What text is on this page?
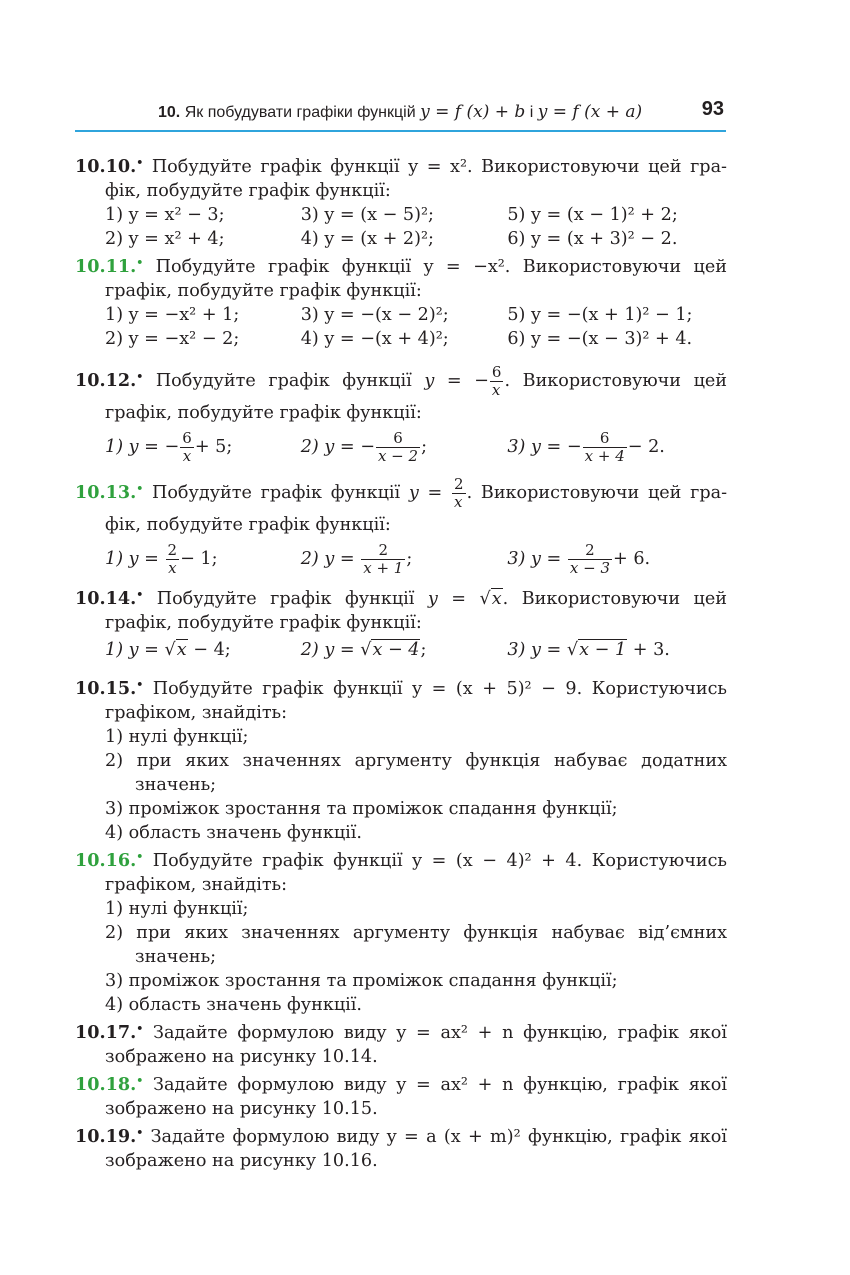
10. Як побудувати графіки функцій y = f (x) + b і y = f (x + a)	93
10.10.• Побудуйте графік функції y = x². Використовуючи цей гра-
фік, побудуйте графік функції:
1) y = x² − 3;	3) y = (x − 5)²;	5) y = (x − 1)² + 2;
2) y = x² + 4;	4) y = (x + 2)²;	6) y = (x + 3)² − 2.
10.11.• Побудуйте графік функції y = −x². Використовуючи цей
графік, побудуйте графік функції:
1) y = −x² + 1;	3) y = −(x − 2)²;	5) y = −(x + 1)² − 1;
2) y = −x² − 2;	4) y = −(x + 4)²;	6) y = −(x − 3)² + 4.
10.12.• Побудуйте графік функції y = − $\frac{6}{x}$ . Використовуючи цей
графік, побудуйте графік функції:
1) y = − $\frac{6}{x} + 5$;	2) y = − $\frac{6}{x - 2}$ ;	3) y = − $\frac{6}{x + 4} - 2$.
10.13.• Побудуйте графік функції $y = \frac{2}{x}$ . Використовуючи цей гра-
фік, побудуйте графік функції:
1) $y = \frac{2}{x} - 1$;	2) $y = \frac{2}{x + 1}$ ;	3) $y = \frac{2}{x - 3} + 6$.
10.14.• Побудуйте графік функції y = √x. Використовуючи цей
графік, побудуйте графік функції:
1) y = √x − 4;	2) y = √x − 4;	3) y = √x − 1 + 3.
10.15.• Побудуйте графік функції y = (x + 5)² − 9. Користуючись
графіком, знайдіть:
1) нулі функції;
2) при яких значеннях аргументу функція набуває додатних
значень;
3) проміжок зростання та проміжок спадання функції;
4) область значень функції.
10.16.• Побудуйте графік функції y = (x − 4)² + 4. Користуючись
графіком, знайдіть:
1) нулі функції;
2) при яких значеннях аргументу функція набуває від’ємних
значень;
3) проміжок зростання та проміжок спадання функції;
4) область значень функції.
10.17.• Задайте формулою виду y = ax² + n функцію, графік якої
зображено на рисунку 10.14.
10.18.• Задайте формулою виду y = ax² + n функцію, графік якої
зображено на рисунку 10.15.
10.19.• Задайте формулою виду y = a (x + m)² функцію, графік якої
зображено на рисунку 10.16.
